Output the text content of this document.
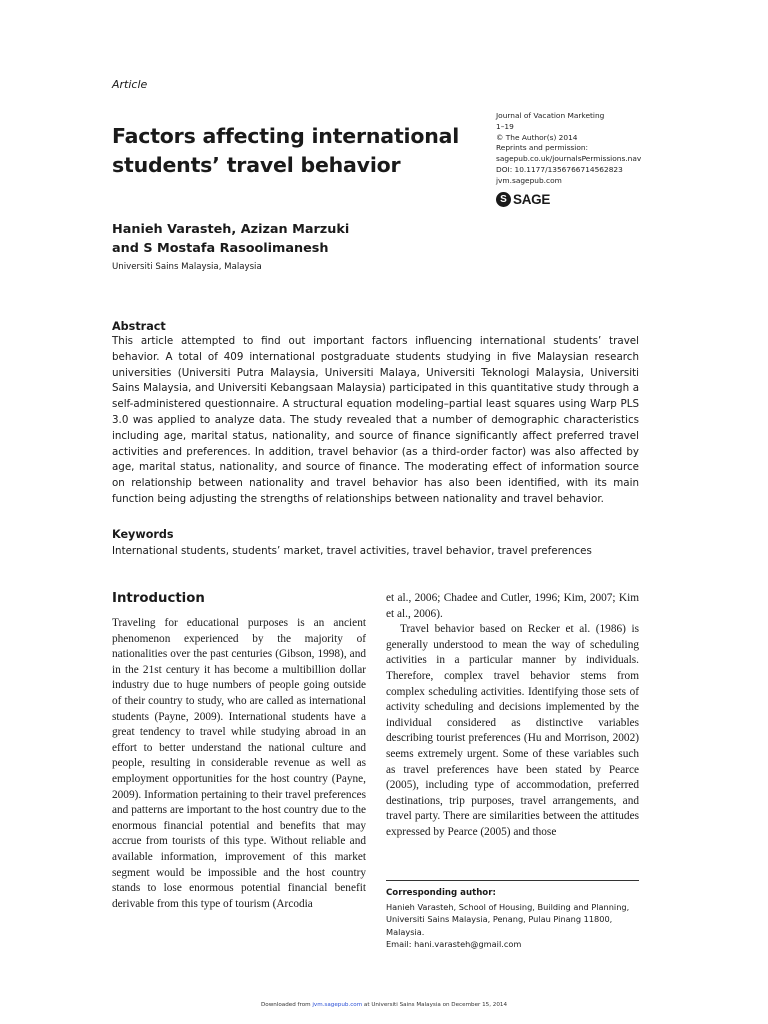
Article
Factors affecting international students’ travel behavior
Journal of Vacation Marketing
1–19
© The Author(s) 2014
Reprints and permission:
sagepub.co.uk/journalsPermissions.nav
DOI: 10.1177/1356766714562823
jvm.sagepub.com
S SAGE
Hanieh Varasteh, Azizan Marzuki
and S Mostafa Rasoolimanesh
Universiti Sains Malaysia, Malaysia
Abstract
This article attempted to find out important factors influencing international students’ travel behavior. A total of 409 international postgraduate students studying in five Malaysian research universities (Universiti Putra Malaysia, Universiti Malaya, Universiti Teknologi Malaysia, Universiti Sains Malaysia, and Universiti Kebangsaan Malaysia) participated in this quantitative study through a self-administered questionnaire. A structural equation modeling–partial least squares using Warp PLS 3.0 was applied to analyze data. The study revealed that a number of demographic characteristics including age, marital status, nationality, and source of finance significantly affect preferred travel activities and preferences. In addition, travel behavior (as a third-order factor) was also affected by age, marital status, nationality, and source of finance. The moderating effect of information source on relationship between nationality and travel behavior has also been identified, with its main function being adjusting the strengths of relationships between nationality and travel behavior.
Keywords
International students, students’ market, travel activities, travel behavior, travel preferences
Introduction

Traveling for educational purposes is an ancient phenomenon experienced by the majority of nationalities over the past centuries (Gibson, 1998), and in the 21st century it has become a multibillion dollar industry due to huge numbers of people going outside of their country to study, who are called as international students (Payne, 2009). International students have a great tendency to travel while studying abroad in an effort to better understand the national culture and people, resulting in considerable revenue as well as employment opportunities for the host country (Payne, 2009). Information pertaining to their travel preferences and patterns are important to the host country due to the enormous financial potential and benefits that may accrue from tourists of this type. Without reliable and available information, improvement of this market segment would be impossible and the host country stands to lose enormous potential financial benefit derivable from this type of tourism (Arcodia

et al., 2006; Chadee and Cutler, 1996; Kim, 2007; Kim et al., 2006).

Travel behavior based on Recker et al. (1986) is generally understood to mean the way of scheduling activities in a particular manner by individuals. Therefore, complex travel behavior stems from complex scheduling activities. Identifying those sets of activity scheduling and decisions implemented by the individual considered as distinctive variables describing tourist preferences (Hu and Morrison, 2002) seems extremely urgent. Some of these variables such as travel preferences have been stated by Pearce (2005), including type of accommodation, preferred destinations, trip purposes, travel arrangements, and travel party. There are similarities between the attitudes expressed by Pearce (2005) and those

Corresponding author:
Hanieh Varasteh, School of Housing, Building and Planning,
Universiti Sains Malaysia, Penang, Pulau Pinang 11800, Malaysia.
Email: hani.varasteh@gmail.com
Downloaded from jvm.sagepub.com at Universiti Sains Malaysia on December 15, 2014
